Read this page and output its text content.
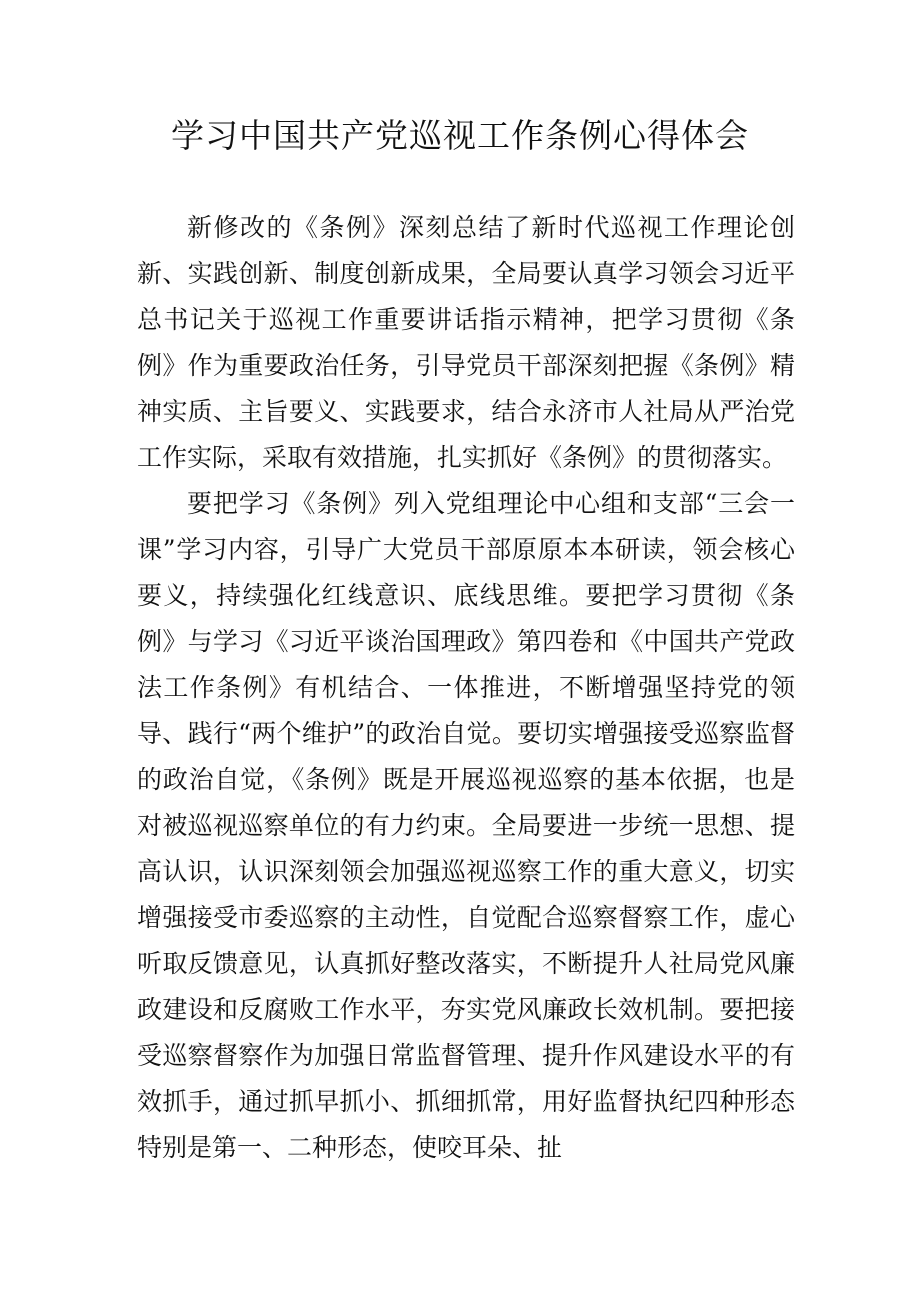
学习中国共产党巡视工作条例心得体会

新修改的《条例》深刻总结了新时代巡视工作理论创新、实践创新、制度创新成果，全局要认真学习领会习近平总书记关于巡视工作重要讲话指示精神，把学习贯彻《条例》作为重要政治任务，引导党员干部深刻把握《条例》精神实质、主旨要义、实践要求，结合永济市人社局从严治党工作实际，采取有效措施，扎实抓好《条例》的贯彻落实。

要把学习《条例》列入党组理论中心组和支部“三会一课”学习内容，引导广大党员干部原原本本研读，领会核心要义，持续强化红线意识、底线思维。要把学习贯彻《条例》与学习《习近平谈治国理政》第四卷和《中国共产党政法工作条例》有机结合、一体推进，不断增强坚持党的领导、践行“两个维护”的政治自觉。要切实增强接受巡察监督的政治自觉，《条例》既是开展巡视巡察的基本依据，也是对被巡视巡察单位的有力约束。全局要进一步统一思想、提高认识，认识深刻领会加强巡视巡察工作的重大意义，切实增强接受市委巡察的主动性，自觉配合巡察督察工作，虚心听取反馈意见，认真抓好整改落实，不断提升人社局党风廉政建设和反腐败工作水平，夯实党风廉政长效机制。要把接受巡察督察作为加强日常监督管理、提升作风建设水平的有效抓手，通过抓早抓小、抓细抓常，用好监督执纪四种形态特别是第一、二种形态，使咬耳朵、扯
